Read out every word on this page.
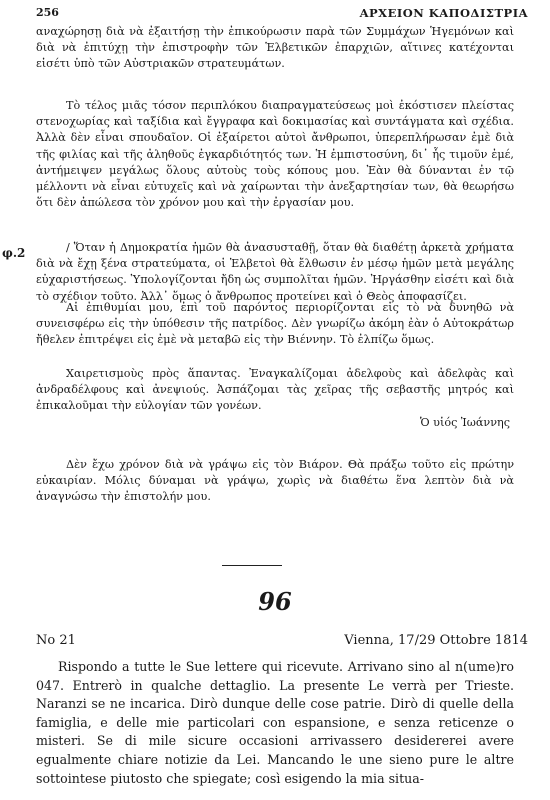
256	ΑΡΧΕΙΟΝ ΚΑΠΟΔΙΣΤΡΙΑ
φ.2

αναχώρησῃ διὰ νὰ ἐξαιτήσῃ τὴν ἐπικούρωσιν παρὰ τῶν Συμμάχων Ἡγεμόνων καὶ διὰ νὰ ἐπιτύχῃ τὴν ἐπιστροφὴν τῶν Ἑλβετικῶν ἐπαρχιῶν, αἵτινες κατέχονται εἰσέτι ὑπὸ τῶν Αὐστριακῶν στρατευμάτων.

Τὸ τέλος μιᾶς τόσον περιπλόκου διαπραγματεύσεως μοὶ ἐκόστισεν πλείστας στενοχωρίας καὶ ταξίδια καὶ ἔγγραφα καὶ δοκιμασίας καὶ συντάγματα καὶ σχέδια. Ἀλλὰ δὲν εἶναι σπουδαῖον. Οἱ ἐξαίρετοι αὐτοὶ ἄνθρωποι, ὑπερεπλήρωσαν ἐμὲ διὰ τῆς φιλίας καὶ τῆς ἀληθοῦς ἐγκαρδιότητός των. Ἡ ἐμπιστοσύνη, δι᾽ ἧς τιμοῦν ἐμέ, ἀντήμειψεν μεγάλως ὅλους αὐτοὺς τοὺς κόπους μου. Ἐὰν θὰ δύνανται ἐν τῷ μέλλοντι νὰ εἶναι εὐτυχεῖς καὶ νὰ χαίρωνται τὴν ἀνεξαρτησίαν των, θὰ θεωρήσω ὅτι δὲν ἀπώλεσα τὸν χρόνον μου καὶ τὴν ἐργασίαν μου.

/ Ὅταν ἡ Δημοκρατία ἡμῶν θὰ ἀνασυσταθῇ, ὅταν θὰ διαθέτῃ ἀρκετὰ χρήματα διὰ νὰ ἔχῃ ξένα στρατεύματα, οἱ Ἑλβετοὶ θὰ ἔλθωσιν ἐν μέσῳ ἡμῶν μετὰ μεγάλης εὐχαριστήσεως. Ὑπολογίζονται ἤδη ὡς συμπολῖται ἡμῶν. Ἠργάσθην εἰσέτι καὶ διὰ τὸ σχέδιον τοῦτο. Ἀλλ᾽ ὅμως ὁ ἄνθρωπος προτείνει καὶ ὁ Θεὸς ἀποφασίζει.

Αἱ ἐπιθυμίαι μου, ἐπὶ τοῦ παρόντος περιορίζονται εἰς τὸ νὰ δυνηθῶ νὰ συνεισφέρω εἰς τὴν ὑπόθεσιν τῆς πατρίδος. Δὲν γνωρίζω ἀκόμη ἐὰν ὁ Αὐτοκράτωρ ἤθελεν ἐπιτρέψει εἰς ἐμὲ νὰ μεταβῶ εἰς τὴν Βιέννην. Τὸ ἐλπίζω ὅμως.

Χαιρετισμοὺς πρὸς ἅπαντας. Ἐναγκαλίζομαι ἀδελφοὺς καὶ ἀδελφὰς καὶ ἀνδραδέλφους καὶ ἀνεψιούς. Ἀσπάζομαι τὰς χεῖρας τῆς σεβαστῆς μητρός καὶ ἐπικαλοῦμαι τὴν εὐλογίαν τῶν γονέων.

Ὁ υἱός Ἰωάννης

Δὲν ἔχω χρόνον διὰ νὰ γράψω εἰς τὸν Βιάρον. Θὰ πράξω τοῦτο εἰς πρώτην εὐκαιρίαν. Μόλις δύναμαι νὰ γράψω, χωρὶς νὰ διαθέτω ἕνα λεπτὸν διὰ νὰ ἀναγνώσω τὴν ἐπιστολήν μου.

96
No 21	Vienna, 17/29 Ottobre 1814

Rispondo a tutte le Sue lettere qui ricevute. Arrivano sino al n(ume)ro 047. Entrerò in qualche dettaglio. La presente Le verrà per Trieste. Naranzi se ne incarica. Dirò dunque delle cose patrie. Dirò di quelle della famiglia, e delle mie particolari con espansione, e senza reticenze o misteri. Se di mile sicure occasioni arrivassero desidererei avere egualmente chiare notizie da Lei. Mancando le une sieno pure le altre sottointese piutosto che spiegate; così esigendo la mia situa-
